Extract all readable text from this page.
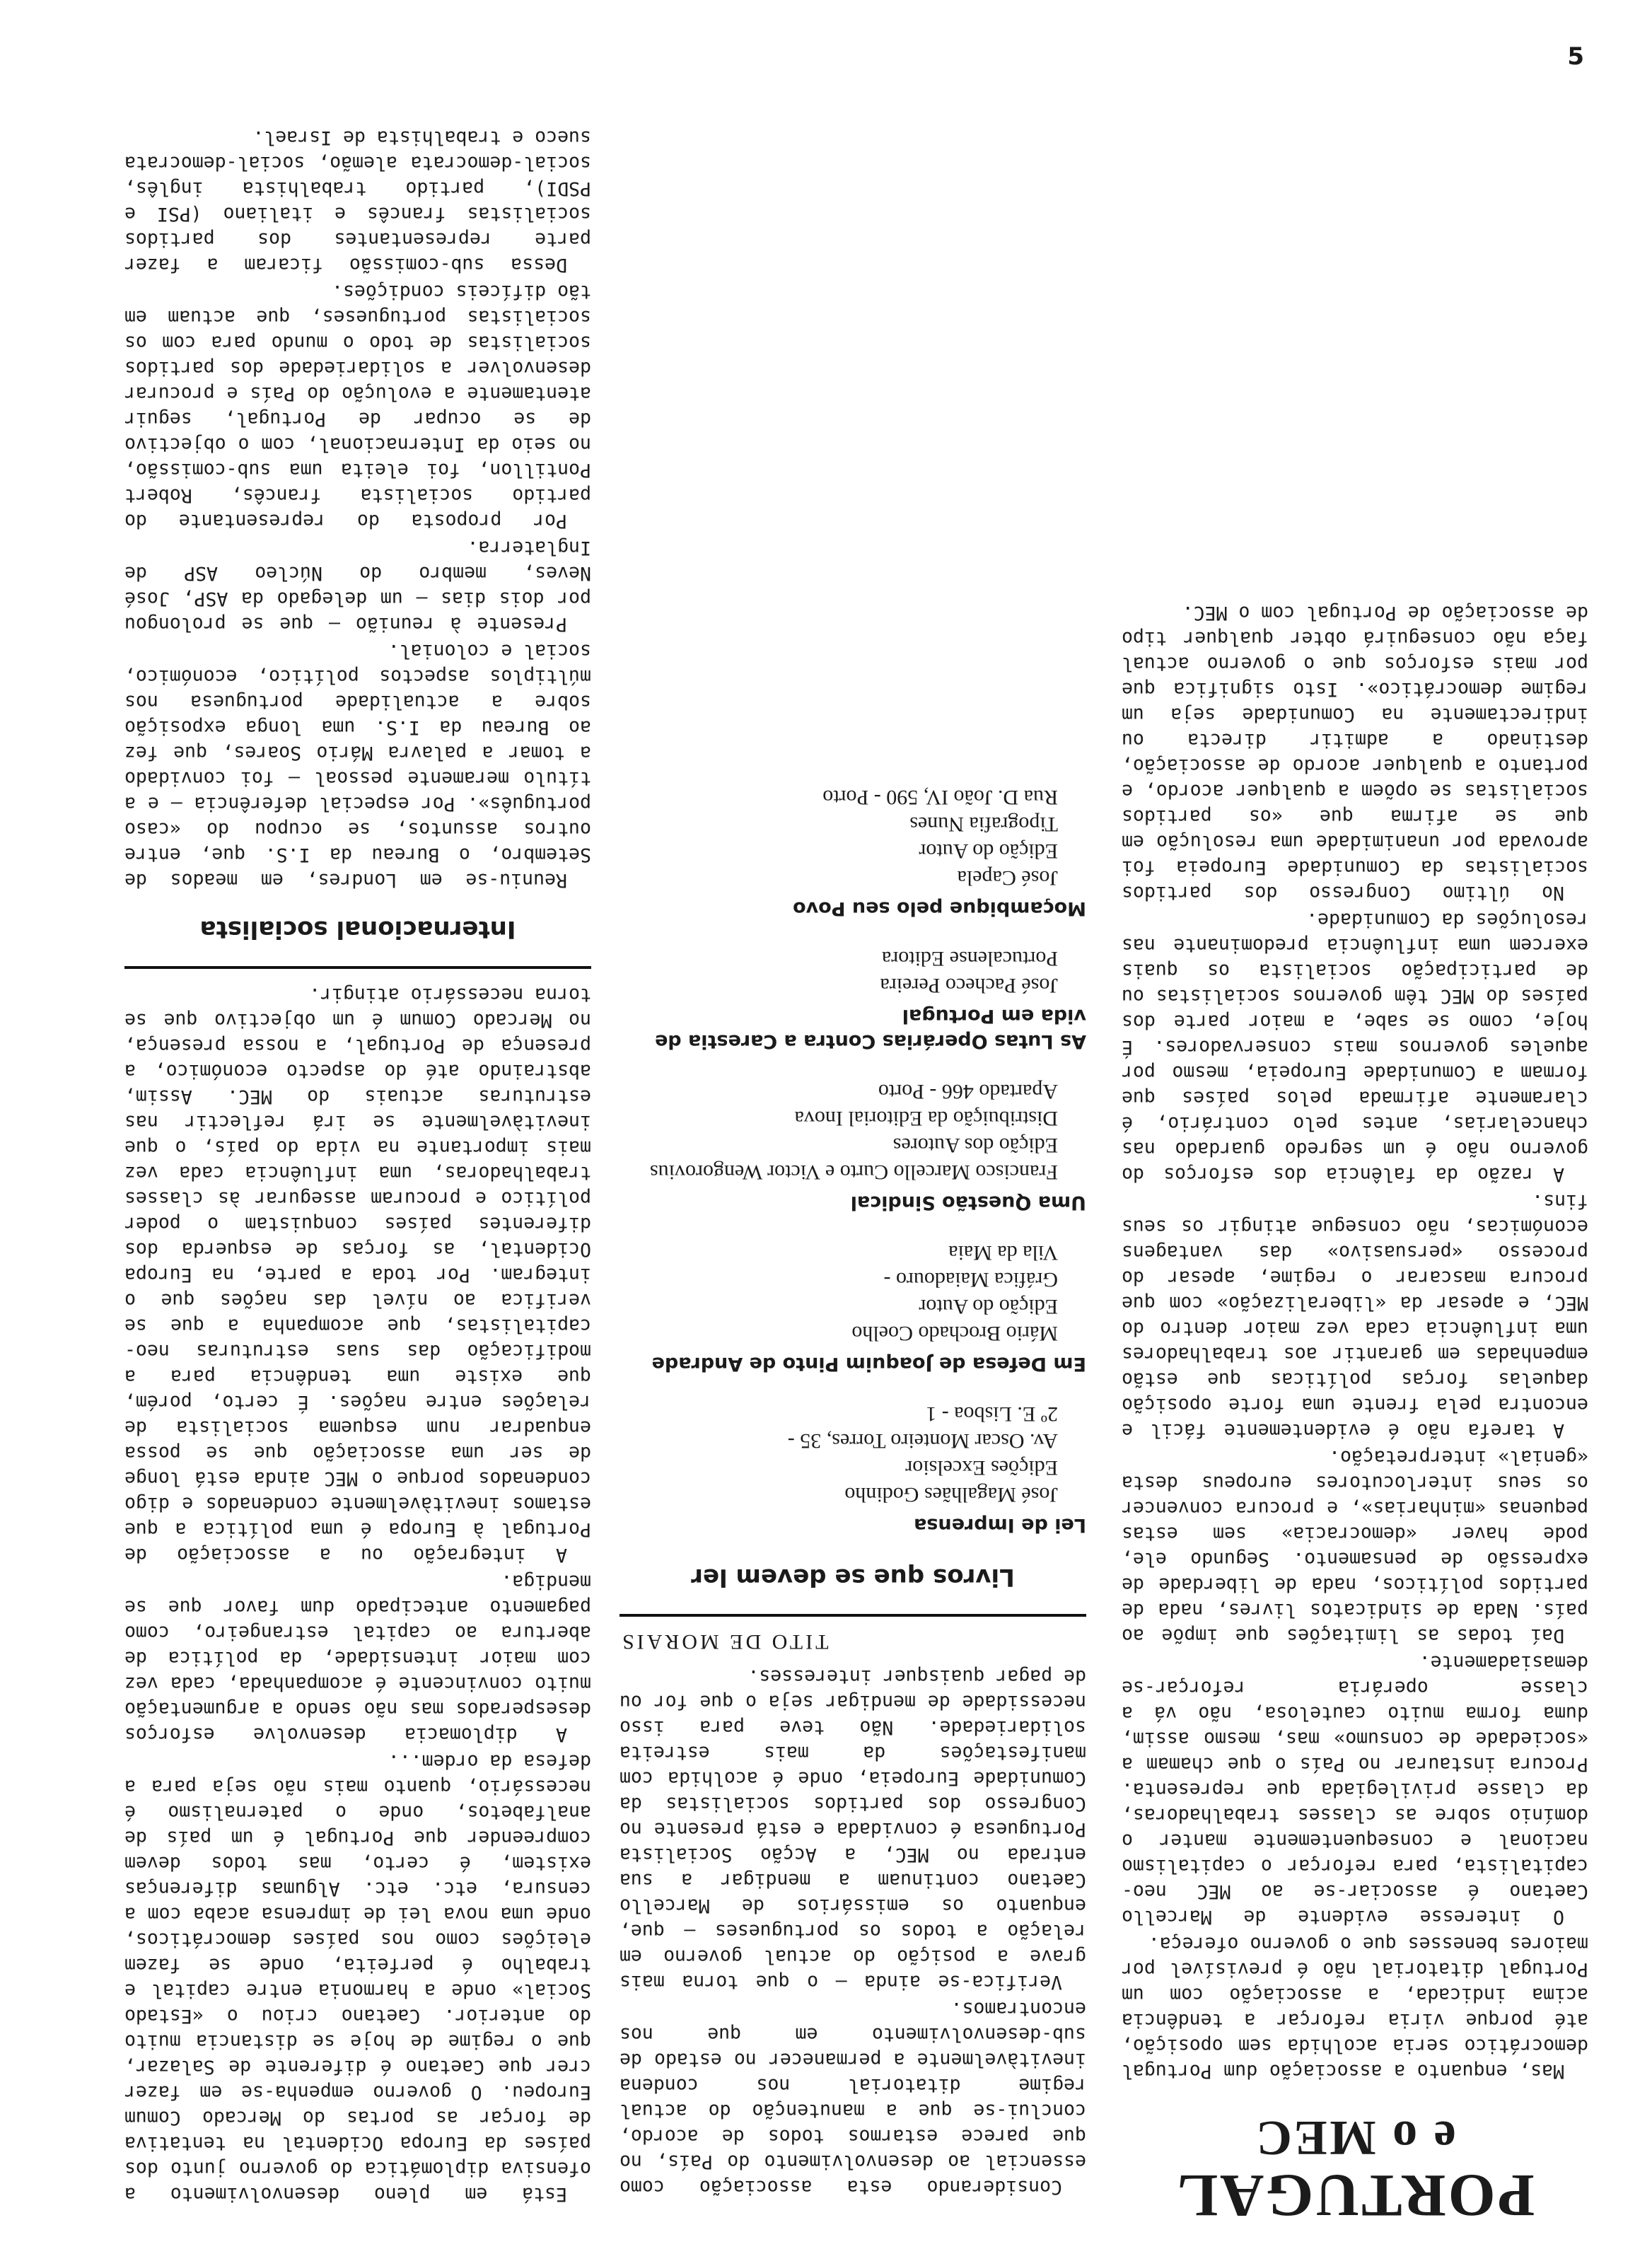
PORTUGAL
e o MEC

Mas, enquanto a associação dum Portugal democrático seria acolhida sem oposição, até porque viria reforçar a tendência acima indicada, a associação com um Portugal ditatorial não é previsível por maiores benesses que o governo ofereça.

O interesse evidente de Marcello Caetano é associar-se ao MEC neo-capitalista, para reforçar o capitalismo nacional e consequentemente manter o domínio sobre as classes trabalhadoras, da classe privilegiada que representa. Procura instaurar no País o que chamam a «sociedade de consumo» mas, mesmo assim, duma forma muito cautelosa, não vá a classe operária reforçar-se demasiadamente.

Daí todas as limitações que impõe ao país. Nada de sindicatos livres, nada de partidos políticos, nada de liberdade de expressão de pensamento. Segundo ele, pode haver «democracia» sem estas pequenas «minharias», e procura convencer os seus interlocutores europeus desta «genial» interpretação.

A tarefa não é evidentemente fácil e encontra pela frente uma forte oposição daquelas forças políticas que estão empenhadas em garantir aos trabalhadores uma influência cada vez maior dentro do MEC, e apesar da «liberalização» com que procura mascarar o regime, apesar do processo «persuasivo» das vantagens económicas, não consegue atingir os seus fins.

A razão da falência dos esforços do governo não é um segredo guardado nas chancelarias, antes pelo contrário, é claramente afirmada pelos países que formam a Comunidade Europeia, mesmo por aqueles governos mais conservadores. É hoje, como se sabe, a maior parte dos países do MEC têm governos socialistas ou de participação socialista os quais exercem uma influência predominante nas resoluções da Comunidade.

No último Congresso dos partidos socialistas da Comunidade Europeia foi aprovada por unanimidade uma resolução em que se afirma que «os partidos socialistas se opõem a qualquer acordo, e portanto a qualquer acordo de associação, destinado a admitir directa ou indirectamente na Comunidade seja um regime democrático». Isto significa que por mais esforços que o governo actual faça não conseguirá obter qualquer tipo de associação de Portugal com o MEC.

Considerando esta associação como essencial ao desenvolvimento do País, no que parece estarmos todos de acordo, conclui-se que a manutenção do actual regime ditatorial nos condena inevitàvelmente a permanecer no estado de sub-desenvolvimento em que nos encontramos.

Verifica-se ainda — o que torna mais grave a posição do actual governo em relação a todos os portugueses — que, enquanto os emissários de Marcello Caetano continuam a mendigar a sua entrada no MEC, a Acção Socialista Portuguesa é convidada e está presente no Congresso dos partidos socialistas da Comunidade Europeia, onde é acolhida com manifestações da mais estreita solidariedade. Não teve para isso necessidade de mendigar seja o que for ou de pagar quaisquer interesses.

TITO DE MORAIS

Livros que se devem ler

Lei de Imprensa

José Magalhães Godinho

Edições Excelsior

Av. Oscar Monteiro Torres, 35 -

2º E. Lisboa - 1

Em Defesa de Joaquim Pinto de Andrade

Mário Brochado Coelho

Edição do Autor

Gráfica Maiadouro -

Vila da Maia

Uma Questão Sindical

Francisco Marcello Curto e Victor Wengorovius

Edição dos Autores

Distribuição da Editorial Inova

Apartado 466 - Porto

As Lutas Operárias Contra a Carestia de vida em Portugal

José Pacheco Pereira

Portucalense Editora

Moçambique pelo seu Povo

José Capela

Edição do Autor

Tipografia Nunes

Rua D. João IV, 590 - Porto

Está em pleno desenvolvimento a ofensiva diplomática do governo junto dos países da Europa Ocidental na tentativa de forçar as portas do Mercado Comum Europeu. O governo empenha-se em fazer crer que Caetano é diferente de Salazar, que o regime de hoje se distancia muito do anterior. Caetano criou o «Estado Social» onde a harmonia entre capital e trabalho é perfeita, onde se fazem eleições como nos países democráticos, onde uma nova lei de imprensa acaba com a censura, etc. etc. Algumas diferenças existem, é certo, mas todos devem compreender que Portugal é um país de analfabetos, onde o paternalismo é necessário, quanto mais não seja para a defesa da ordem...

A diplomacia desenvolve esforços desesperados mas não sendo a argumentação muito convincente é acompanhada, cada vez com maior intensidade, da política de abertura ao capital estrangeiro, como pagamento antecipado dum favor que se mendiga.

A integração ou a associação de Portugal à Europa é uma política a que estamos inevitàvelmente condenados e digo condenados porque o MEC ainda está longe de ser uma associação que se possa enquadrar num esquema socialista de relações entre nações. É certo, porém, que existe uma tendência para a modificação das suas estruturas neo-capitalistas, que acompanha a que se verifica ao nível das nações que o integram. Por toda a parte, na Europa Ocidental, as forças de esquerda dos diferentes países conquistam o poder político e procuram assegurar às classes trabalhadoras, uma influência cada vez mais importante na vida do país, o que inevitàvelmente se irá reflectir nas estruturas actuais do MEC. Assim, abstraindo até do aspecto económico, a presença de Portugal, a nossa presença, no Mercado Comum é um objectivo que se torna necessário atingir.

Internacional socialista

Reuniu-se em Londres, em meados de Setembro, o Bureau da I.S. que, entre outros assuntos, se ocupou do «caso português». Por especial deferência — e a título meramente pessoal — foi convidado a tomar a palavra Mário Soares, que fez ao Bureau da I.S. uma longa exposição sobre a actualidade portuguesa nos múltiplos aspectos político, económico, social e colonial.

Presente à reunião — que se prolongou por dois dias — um delegado da ASP, José Neves, membro do Núcleo ASP de Inglaterra.

Por proposta do representante do partido socialista francês, Robert Pontillon, foi eleita uma sub-comissão, no seio da Internacional, com o objectivo de se ocupar de Portugal, seguir atentamente a evolução do País e procurar desenvolver a solidariedade dos partidos socialistas de todo o mundo para com os socialistas portugueses, que actuam em tão difíceis condições.

Dessa sub-comissão ficaram a fazer parte representantes dos partidos socialistas francês e italiano (PSI e PSDI), partido trabalhista inglês, social-democrata alemão, social-democrata sueco e trabalhista de Israel.

5
